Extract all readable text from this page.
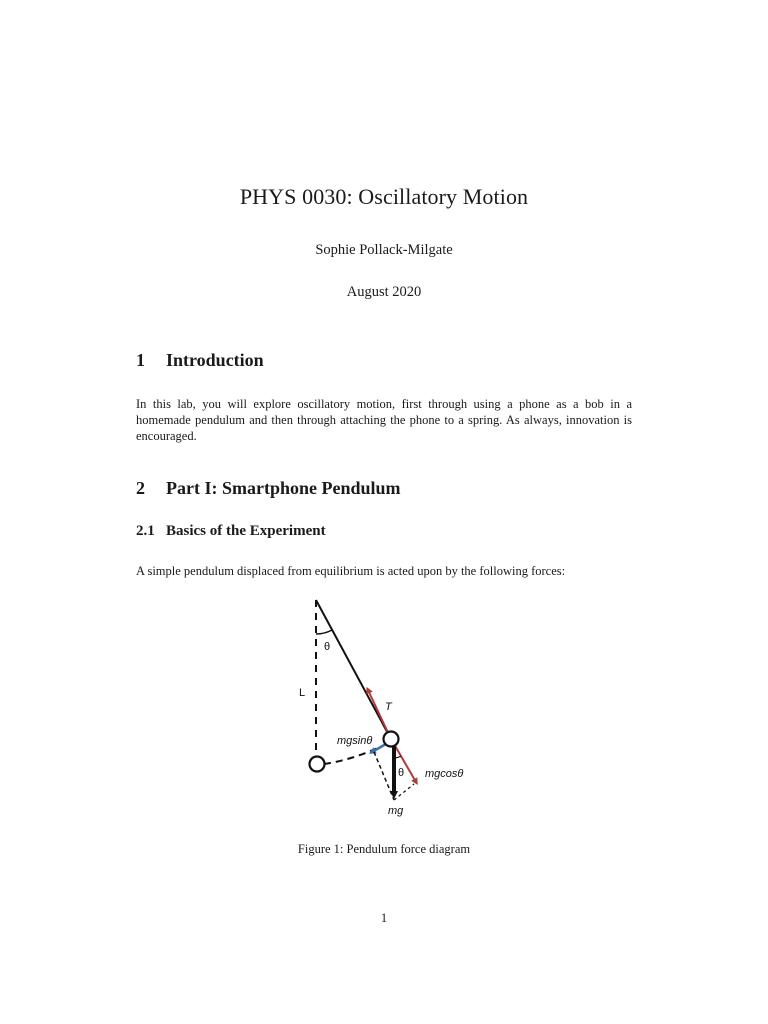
PHYS 0030: Oscillatory Motion
Sophie Pollack-Milgate
August 2020
1 Introduction
In this lab, you will explore oscillatory motion, first through using a phone as a bob in a homemade pendulum and then through attaching the phone to a spring. As always, innovation is encouraged.
2 Part I: Smartphone Pendulum
2.1 Basics of the Experiment
A simple pendulum displaced from equilibrium is acted upon by the following forces:
θ
L
T
mgsinθ
θ mgcosθ
mg
Figure 1: Pendulum force diagram
1
